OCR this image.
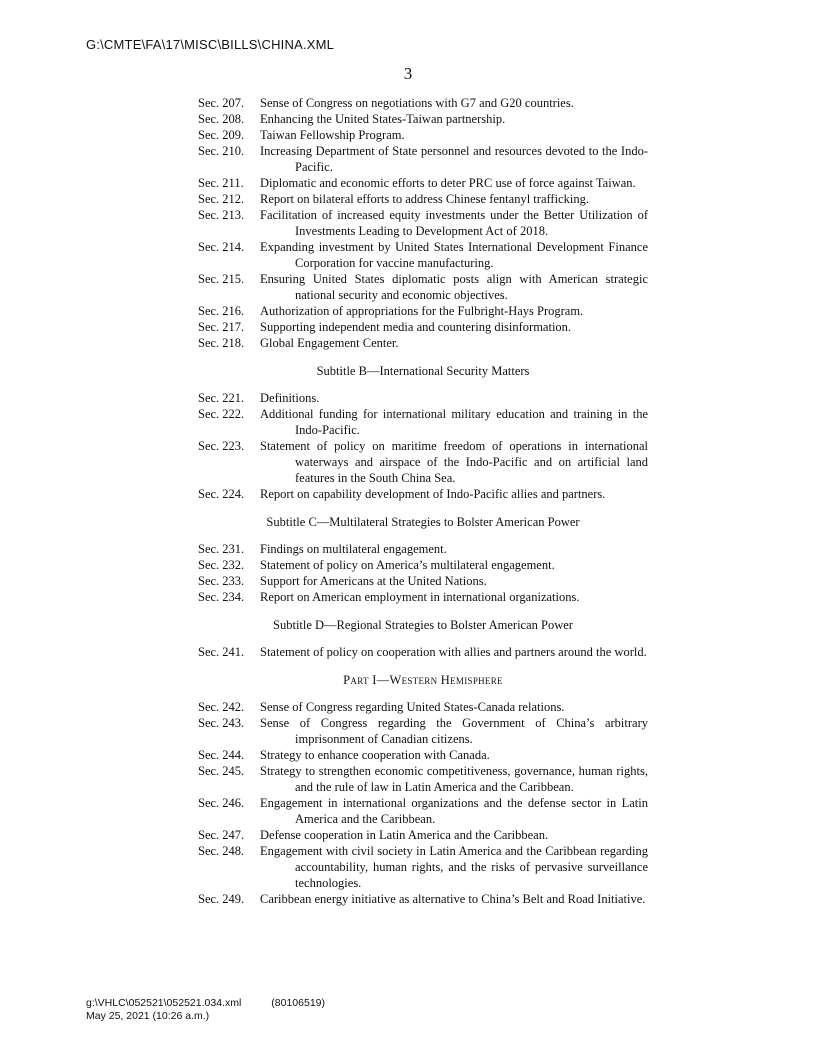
G:\CMTE\FA\17\MISC\BILLS\CHINA.XML
3
Sec. 207.	Sense of Congress on negotiations with G7 and G20 countries.
Sec. 208.	Enhancing the United States-Taiwan partnership.
Sec. 209.	Taiwan Fellowship Program.
Sec. 210.	Increasing Department of State personnel and resources devoted to the Indo-Pacific.
Sec. 211.	Diplomatic and economic efforts to deter PRC use of force against Taiwan.
Sec. 212.	Report on bilateral efforts to address Chinese fentanyl trafficking.
Sec. 213.	Facilitation of increased equity investments under the Better Utilization of Investments Leading to Development Act of 2018.
Sec. 214.	Expanding investment by United States International Development Finance Corporation for vaccine manufacturing.
Sec. 215.	Ensuring United States diplomatic posts align with American strategic national security and economic objectives.
Sec. 216.	Authorization of appropriations for the Fulbright-Hays Program.
Sec. 217.	Supporting independent media and countering disinformation.
Sec. 218.	Global Engagement Center.
Subtitle B—International Security Matters
Sec. 221.	Definitions.
Sec. 222.	Additional funding for international military education and training in the Indo-Pacific.
Sec. 223.	Statement of policy on maritime freedom of operations in international waterways and airspace of the Indo-Pacific and on artificial land features in the South China Sea.
Sec. 224.	Report on capability development of Indo-Pacific allies and partners.
Subtitle C—Multilateral Strategies to Bolster American Power
Sec. 231.	Findings on multilateral engagement.
Sec. 232.	Statement of policy on America’s multilateral engagement.
Sec. 233.	Support for Americans at the United Nations.
Sec. 234.	Report on American employment in international organizations.
Subtitle D—Regional Strategies to Bolster American Power
Sec. 241.	Statement of policy on cooperation with allies and partners around the world.
Part I—Western Hemisphere
Sec. 242.	Sense of Congress regarding United States-Canada relations.
Sec. 243.	Sense of Congress regarding the Government of China’s arbitrary imprisonment of Canadian citizens.
Sec. 244.	Strategy to enhance cooperation with Canada.
Sec. 245.	Strategy to strengthen economic competitiveness, governance, human rights, and the rule of law in Latin America and the Caribbean.
Sec. 246.	Engagement in international organizations and the defense sector in Latin America and the Caribbean.
Sec. 247.	Defense cooperation in Latin America and the Caribbean.
Sec. 248.	Engagement with civil society in Latin America and the Caribbean regarding accountability, human rights, and the risks of pervasive surveillance technologies.
Sec. 249.	Caribbean energy initiative as alternative to China’s Belt and Road Initiative.
g:\VHLC\052521\052521.034.xml	(80106519)
May 25, 2021 (10:26 a.m.)
